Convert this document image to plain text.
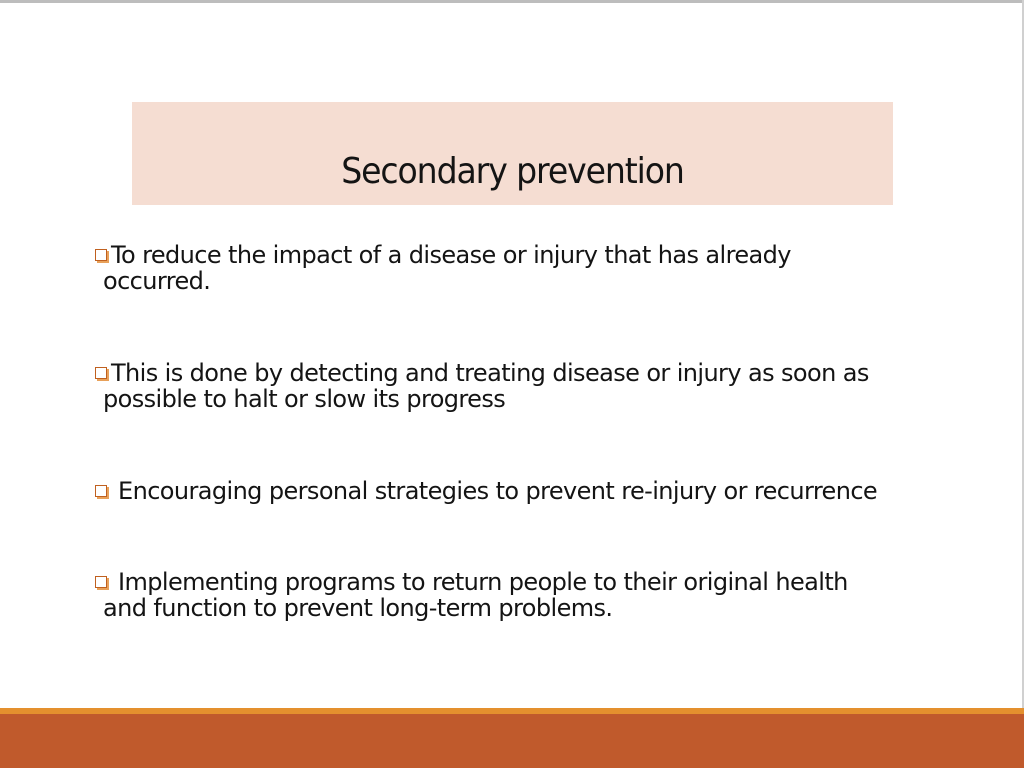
Secondary prevention
To reduce the impact of a disease or injury that has already
occurred.
This is done by detecting and treating disease or injury as soon as
possible to halt or slow its progress
Encouraging personal strategies to prevent re-injury or recurrence
Implementing programs to return people to their original health
and function to prevent long-term problems.
